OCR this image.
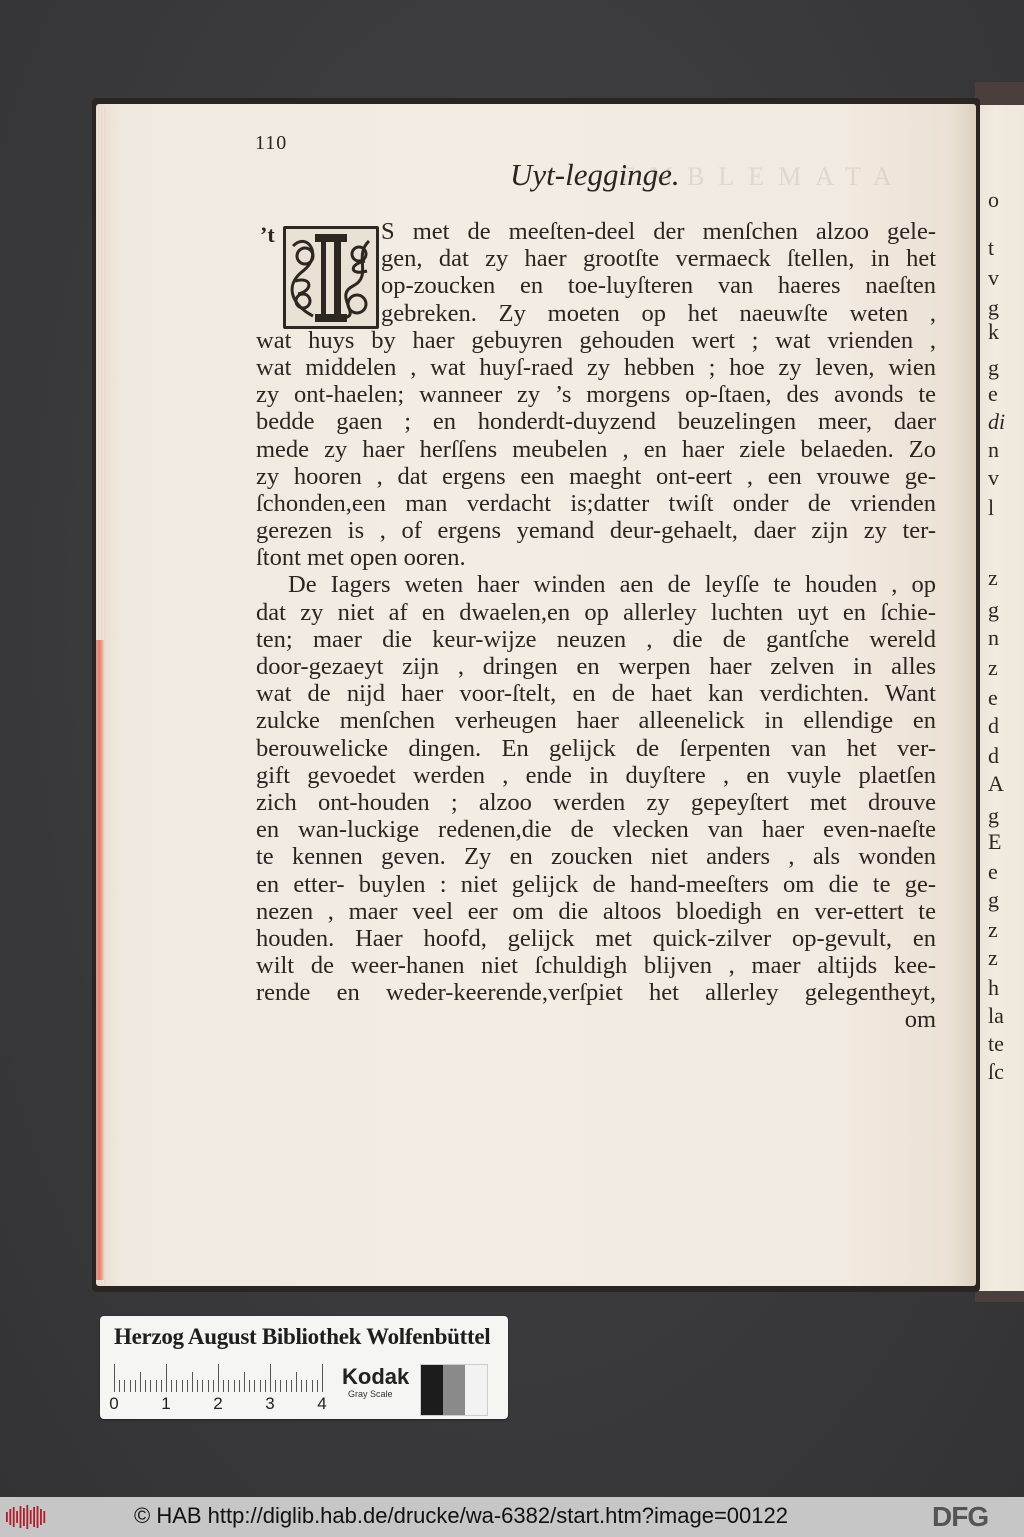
o
t
v
g
k
g
e
di
n
v
l
z
g
n
z
e
d
d
A
g
E
e
g
z
z
h
la
te
ſc
110
EMBLEMATA
Uyt-legginge.
’t	S met de meeſten-deel der menſchen alzoo gele-
gen, dat zy haer grootſte vermaeck ſtellen, in het
op-zoucken en toe-luyſteren van haeres naeſten
gebreken. Zy moeten op het naeuwſte weten ,
wat huys by haer gebuyren gehouden wert ; wat vrienden ,
wat middelen , wat huyſ-raed zy hebben ; hoe zy leven, wien
zy ont-haelen; wanneer zy ’s morgens op-ſtaen, des avonds te
bedde gaen ; en honderdt-duyzend beuzelingen meer, daer
mede zy haer herſſens meubelen , en haer ziele belaeden. Zo
zy hooren , dat ergens een maeght ont-eert , een vrouwe ge-
ſchonden,een man verdacht is;datter twiſt onder de vrienden
gerezen is , of ergens yemand deur-gehaelt, daer zijn zy ter-
ſtont met open ooren.
De Iagers weten haer winden aen de leyſſe te houden , op
dat zy niet af en dwaelen,en op allerley luchten uyt en ſchie-
ten; maer die keur-wijze neuzen , die de gantſche wereld
door-gezaeyt zijn , dringen en werpen haer zelven in alles
wat de nijd haer voor-ſtelt, en de haet kan verdichten. Want
zulcke menſchen verheugen haer alleenelick in ellendige en
berouwelicke dingen. En gelijck de ſerpenten van het ver-
gift gevoedet werden , ende in duyſtere , en vuyle plaetſen
zich ont-houden ; alzoo werden zy gepeyſtert met drouve
en wan-luckige redenen,die de vlecken van haer even-naeſte
te kennen geven. Zy en zoucken niet anders , als wonden
en etter- buylen : niet gelijck de hand-meeſters om die te ge-
nezen , maer veel eer om die altoos bloedigh en ver-ettert te
houden. Haer hoofd, gelijck met quick-zilver op-gevult, en
wilt de weer-hanen niet ſchuldigh blijven , maer altijds kee-
rende en weder-keerende,verſpiet het allerley gelegentheyt,
om
Herzog August Bibliothek Wolfenbüttel
0	1	2	3	4
Kodak
Gray Scale
© HAB http://diglib.hab.de/drucke/wa-6382/start.htm?image=00122	DFG
